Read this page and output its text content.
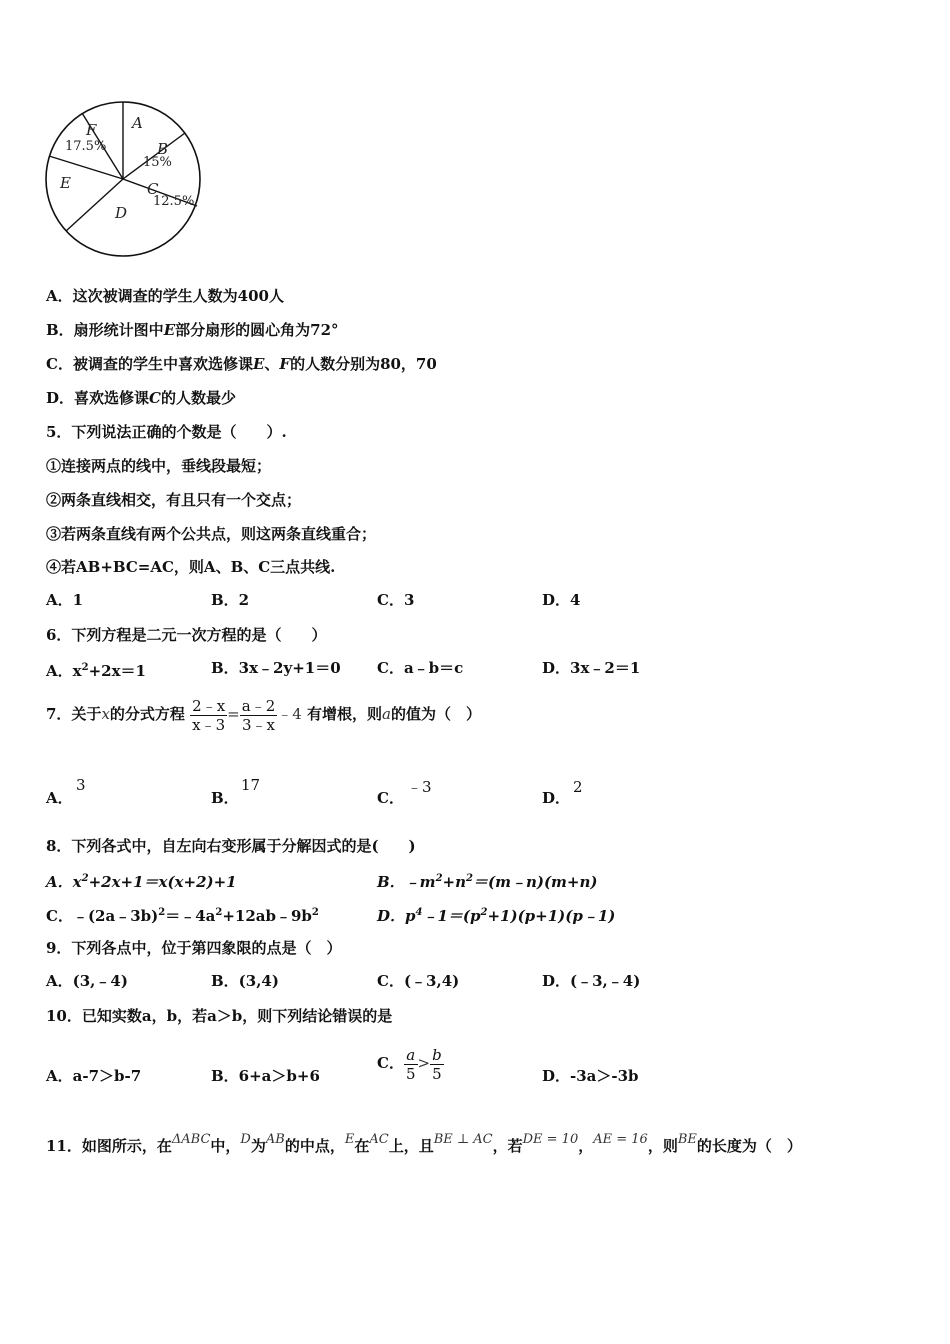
A
B
C
D
E
F
15%
12.5%
17.5%
A．这次被调查的学生人数为400人
B．扇形统计图中E部分扇形的圆心角为72°
C．被调查的学生中喜欢选修课E、F的人数分别为80，70
D．喜欢选修课C的人数最少
5．下列说法正确的个数是（　　）.
①连接两点的线中，垂线段最短；
②两条直线相交，有且只有一个交点；
③若两条直线有两个公共点，则这两条直线重合；
④若AB+BC=AC，则A、B、C三点共线.
A．1	B．2	C．3	D．4
6．下列方程是二元一次方程的是（　　）
A．$x^2+2x=1$	B．3x﹣2y+1＝0 C．a﹣b＝c	D．3x﹣2＝1
7．关于x的分式方程 $\frac{2﹣x}{x﹣3} = \frac{a﹣2}{3﹣x}$ ﹣4 有增根，则a的值为（　）
A．
3
B．
17
C．
﹣3
D．
2
8．下列各式中，自左向右变形属于分解因式的是(　　)
A．$x^2+2x+1=x(x+2)+1$	B．$﹣m^2+n^2=(m﹣n)(m+n)$
C．$﹣(2a﹣3b)^2=﹣4a^2+12ab﹣9b^2$	D．$p^4﹣1=(p^2+1)(p+1)(p﹣1)$
9．下列各点中，位于第四象限的点是（　）
A．(3,﹣4)	B．(3,4)	C．(﹣3,4)	D．(﹣3,﹣4)
10．已知实数a，b，若a＞b，则下列结论错误的是
A．a-7＞b-7	B．6+a＞b+6
C． $\frac{a}{5} > \frac{b}{5}$	D．-3a＞-3b
11．如图所示，在ΔABC中，D为AB的中点，E在AC上，且BE ⊥ AC，若DE = 10，AE = 16，则BE的长度为（　）
